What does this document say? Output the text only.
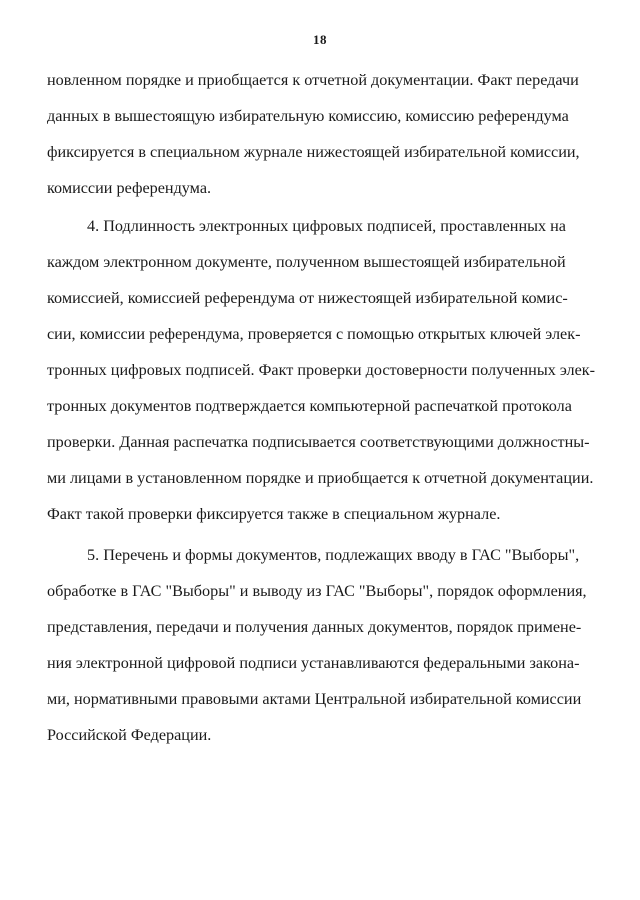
18
новленном порядке и приобщается к отчетной документации. Факт передачи
данных в вышестоящую избирательную комиссию, комиссию референдума
фиксируется в специальном журнале нижестоящей избирательной комиссии,
комиссии референдума.
4. Подлинность электронных цифровых подписей, проставленных на
каждом электронном документе, полученном вышестоящей избирательной
комиссией, комиссией референдума от нижестоящей избирательной комис-
сии, комиссии референдума, проверяется с помощью открытых ключей элек-
тронных цифровых подписей. Факт проверки достоверности полученных элек-
тронных документов подтверждается компьютерной распечаткой протокола
проверки. Данная распечатка подписывается соответствующими должностны-
ми лицами в установленном порядке и приобщается к отчетной документации.
Факт такой проверки фиксируется также в специальном журнале.
5. Перечень и формы документов, подлежащих вводу в ГАС "Выборы",
обработке в ГАС "Выборы" и выводу из ГАС "Выборы", порядок оформления,
представления, передачи и получения данных документов, порядок примене-
ния электронной цифровой подписи устанавливаются федеральными закона-
ми, нормативными правовыми актами Центральной избирательной комиссии
Российской Федерации.
